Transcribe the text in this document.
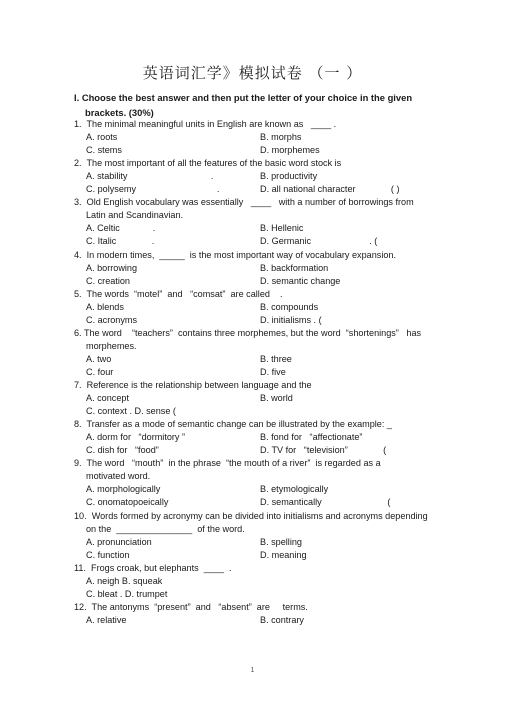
英语词汇学》模拟试卷 （一 ）
I. Choose the best answer and then put the letter of your choice in the given
brackets. (30%)
1.  The minimal meaningful units in English are known as   ____ .
A. roots	B. morphs
C. stems	D. morphemes
2.  The most important of all the features of the basic word stock is
A. stability                                 .	B. productivity
C. polysemy                                .	D. all national character              ( )
3.  Old English vocabulary was essentially   ____   with a number of borrowings from
Latin and Scandinavian.
A. Celtic             .	B. Hellenic
C. Italic              .	D. Germanic                       . (
4.  In modern times,  _____  is the most important way of vocabulary expansion.
A. borrowing	B. backformation
C. creation	D. semantic change
5.  The words  “motel”  and   “comsat”  are called    .
A. blends	B. compounds
C. acronyms	D. initialisms . (
6. The word    “teachers”  contains three morphemes, but the word  “shortenings”   has
morphemes.
A. two	B. three
C. four	D. five
7.  Reference is the relationship between language and the
A. concept	B. world
C. context . D. sense (
8.  Transfer as a mode of semantic change can be illustrated by the example: _
A. dorm for   “dormitory ”	B. fond for   “affectionate”
C. dish for   “food”	D. TV for   “television”              (
9.  The word   “mouth”  in the phrase  “the mouth of a river”  is regarded as a
motivated word.
A. morphologically	B. etymologically
C. onomatopoeically	D. semantically                          (
10.  Words formed by acronymy can be divided into initialisms and acronyms depending
on the  _______________  of the word.
A. pronunciation	B. spelling
C. function	D. meaning
11.  Frogs croak, but elephants  ____  .
A. neigh B. squeak
C. bleat . D. trumpet
12.  The antonyms  “present”  and   “absent”  are     terms.
A. relative	B. contrary
1
